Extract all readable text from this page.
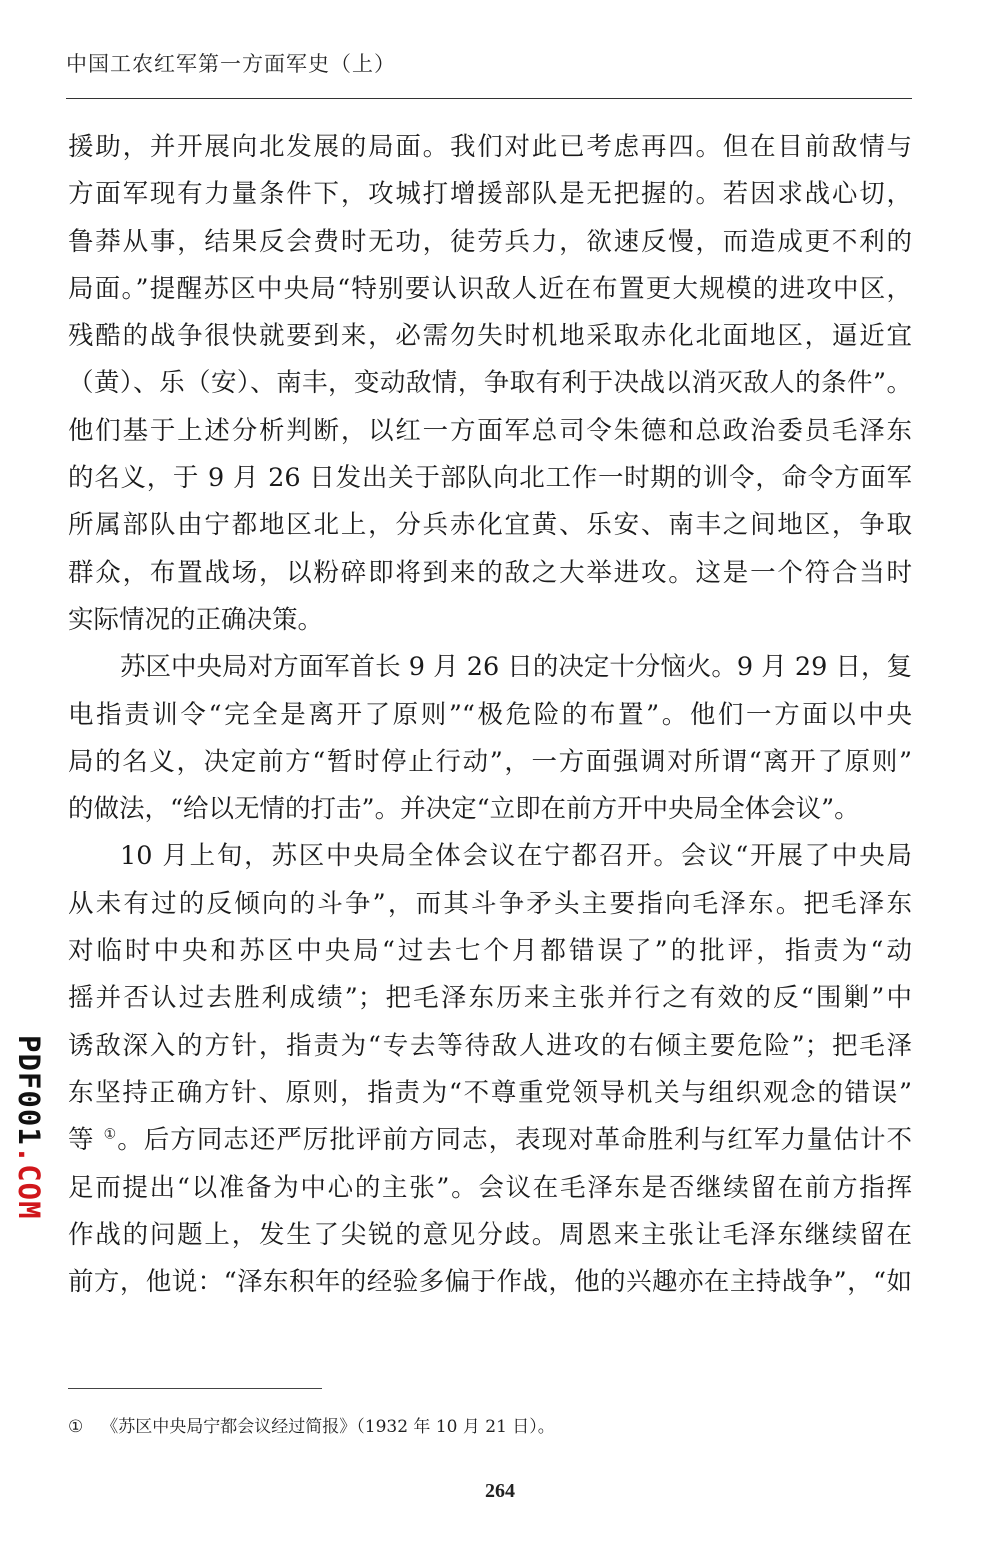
中国工农红军第一方面军史（上）
援助，并开展向北发展的局面。我们对此已考虑再四。但在目前敌情与
方面军现有力量条件下，攻城打增援部队是无把握的。若因求战心切，
鲁莽从事，结果反会费时无功，徒劳兵力，欲速反慢，而造成更不利的
局面。”提醒苏区中央局“特别要认识敌人近在布置更大规模的进攻中区，
残酷的战争很快就要到来，必需勿失时机地采取赤化北面地区，逼近宜
（黄）、乐（安）、南丰，变动敌情，争取有利于决战以消灭敌人的条件”。
他们基于上述分析判断，以红一方面军总司令朱德和总政治委员毛泽东
的名义，于 9 月 26 日发出关于部队向北工作一时期的训令，命令方面军
所属部队由宁都地区北上，分兵赤化宜黄、乐安、南丰之间地区，争取
群众，布置战场，以粉碎即将到来的敌之大举进攻。这是一个符合当时
实际情况的正确决策。
苏区中央局对方面军首长 9 月 26 日的决定十分恼火。9 月 29 日，复
电指责训令“完全是离开了原则”“极危险的布置”。他们一方面以中央
局的名义，决定前方“暂时停止行动”，一方面强调对所谓“离开了原则”
的做法，“给以无情的打击”。并决定“立即在前方开中央局全体会议”。
10 月上旬，苏区中央局全体会议在宁都召开。会议“开展了中央局
从未有过的反倾向的斗争”，而其斗争矛头主要指向毛泽东。把毛泽东
对临时中央和苏区中央局“过去七个月都错误了”的批评，指责为“动
摇并否认过去胜利成绩”；把毛泽东历来主张并行之有效的反“围剿”中
诱敌深入的方针，指责为“专去等待敌人进攻的右倾主要危险”；把毛泽
东坚持正确方针、原则，指责为“不尊重党领导机关与组织观念的错误”
等 ①。后方同志还严厉批评前方同志，表现对革命胜利与红军力量估计不
足而提出“以准备为中心的主张”。会议在毛泽东是否继续留在前方指挥
作战的问题上，发生了尖锐的意见分歧。周恩来主张让毛泽东继续留在
前方，他说：“泽东积年的经验多偏于作战，他的兴趣亦在主持战争”，“如
PDF001.COM
① 《苏区中央局宁都会议经过简报》（1932 年 10 月 21 日）。
264
